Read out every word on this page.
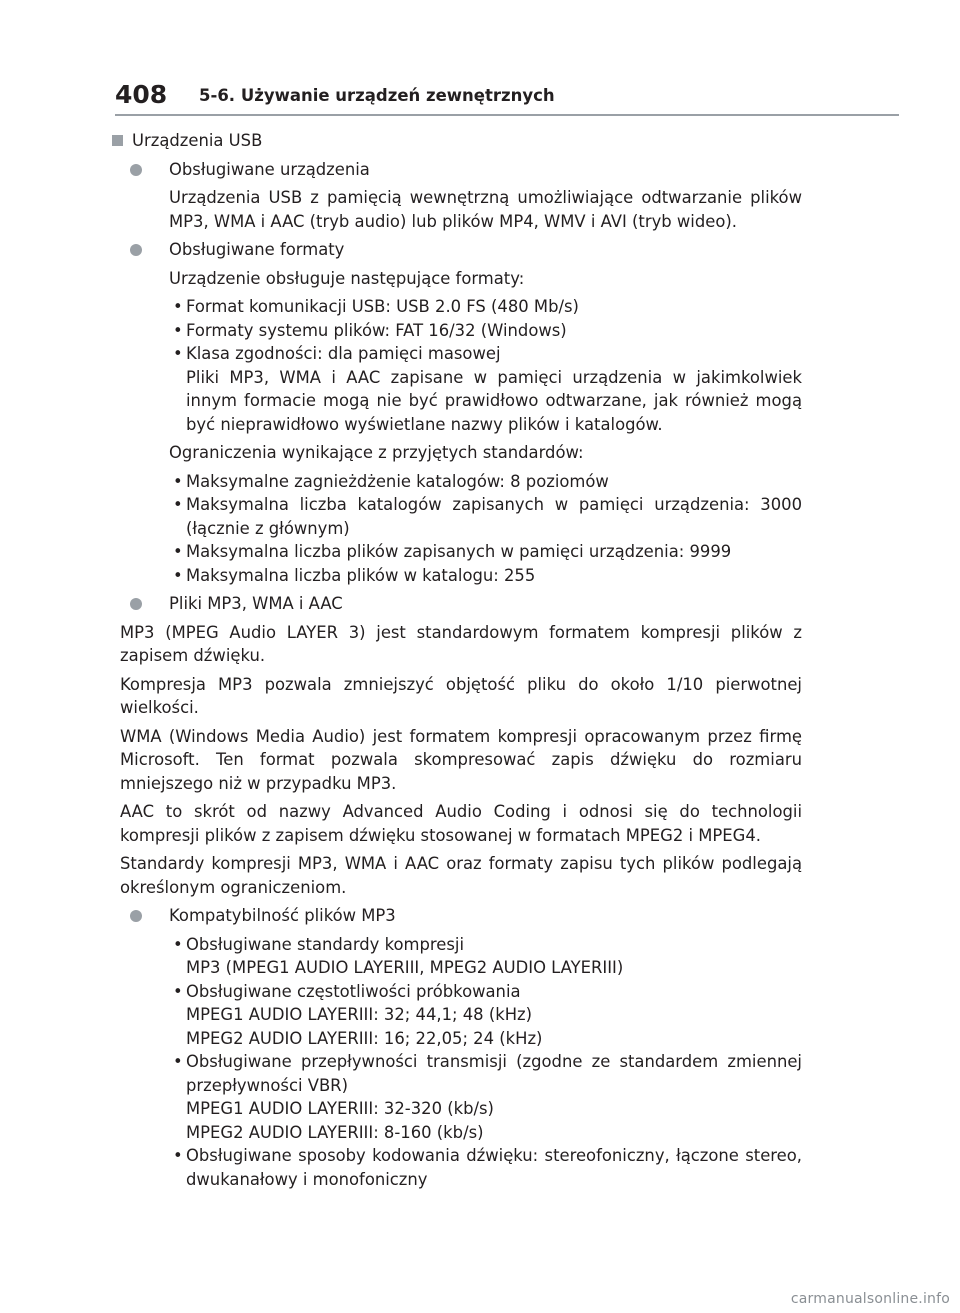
408 5-6. Używanie urządzeń zewnętrznych
Urządzenia USB
Obsługiwane urządzenia
Urządzenia USB z pamięcią wewnętrzną umożliwiające odtwarzanie plików MP3, WMA i AAC (tryb audio) lub plików MP4, WMV i AVI (tryb wideo).
Obsługiwane formaty
Urządzenie obsługuje następujące formaty:
• Format komunikacji USB: USB 2.0 FS (480 Mb/s)
• Formaty systemu plików: FAT 16/32 (Windows)
• Klasa zgodności: dla pamięci masowej
Pliki MP3, WMA i AAC zapisane w pamięci urządzenia w jakimkolwiek innym formacie mogą nie być prawidłowo odtwarzane, jak również mogą być nieprawidłowo wyświetlane nazwy plików i katalogów.
Ograniczenia wynikające z przyjętych standardów:
• Maksymalne zagnieżdżenie katalogów: 8 poziomów
• Maksymalna liczba katalogów zapisanych w pamięci urządzenia: 3000 (łącznie z głównym)
• Maksymalna liczba plików zapisanych w pamięci urządzenia: 9999
• Maksymalna liczba plików w katalogu: 255
Pliki MP3, WMA i AAC
MP3 (MPEG Audio LAYER 3) jest standardowym formatem kompresji plików z zapisem dźwięku.
Kompresja MP3 pozwala zmniejszyć objętość pliku do około 1/10 pierwotnej wielkości.
WMA (Windows Media Audio) jest formatem kompresji opracowanym przez firmę Microsoft. Ten format pozwala skompresować zapis dźwięku do rozmiaru mniejszego niż w przypadku MP3.
AAC to skrót od nazwy Advanced Audio Coding i odnosi się do technologii kompresji plików z zapisem dźwięku stosowanej w formatach MPEG2 i MPEG4.
Standardy kompresji MP3, WMA i AAC oraz formaty zapisu tych plików podlegają określonym ograniczeniom.
Kompatybilność plików MP3
• Obsługiwane standardy kompresji
MP3 (MPEG1 AUDIO LAYERIII, MPEG2 AUDIO LAYERIII)
• Obsługiwane częstotliwości próbkowania
MPEG1 AUDIO LAYERIII: 32; 44,1; 48 (kHz)
MPEG2 AUDIO LAYERIII: 16; 22,05; 24 (kHz)
• Obsługiwane przepływności transmisji (zgodne ze standardem zmiennej przepływności VBR)
MPEG1 AUDIO LAYERIII: 32-320 (kb/s)
MPEG2 AUDIO LAYERIII: 8-160 (kb/s)
• Obsługiwane sposoby kodowania dźwięku: stereofoniczny, łączone stereo, dwukanałowy i monofoniczny
carmanualsonline.info
